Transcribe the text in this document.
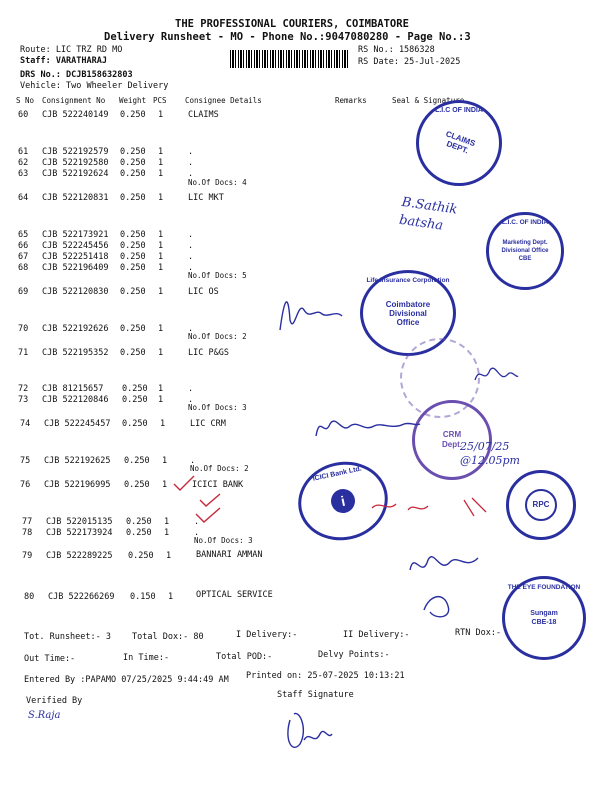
THE PROFESSIONAL COURIERS, COIMBATORE
Delivery Runsheet - MO - Phone No.:9047080280 - Page No.:3
Route: LIC TRZ RD MO
Staff: VARATHARAJ
DRS No.: DCJB158632803
Vehicle: Two Wheeler Delivery
RS No.: 1586328
RS Date: 25-Jul-2025
S No Consignment No Weight PCS Consignee Details	Remarks	Seal & Signature
60 CJB 522240149 0.250 1	CLAIMS
61 CJB 522192579 0.250 1	.
62 CJB 522192580 0.250 1	.
63 CJB 522192624 0.250 1	.
No.Of Docs: 4
64 CJB 522120831 0.250 1	LIC MKT
65 CJB 522173921 0.250 1	.
66 CJB 522245456 0.250 1	.
67 CJB 522251418 0.250 1	.
68 CJB 522196409 0.250 1	.
No.Of Docs: 5
69 CJB 522120830 0.250 1	LIC OS
70 CJB 522192626 0.250 1	.
No.Of Docs: 2
71 CJB 522195352 0.250 1	LIC P&GS
72 CJB 81215657 0.250 1	.
73 CJB 522120846 0.250 1	.
No.Of Docs: 3
74 CJB 522245457 0.250 1	LIC CRM
75 CJB 522192625 0.250 1	.
No.Of Docs: 2
76 CJB 522196995 0.250 1	ICICI BANK
77 CJB 522015135 0.250 1	.
78 CJB 522173924 0.250 1	.
No.Of Docs: 3
79 CJB 522289225 0.250 1	BANNARI AMMAN
80 CJB 522266269 0.150 1	OPTICAL SERVICE
Tot. Runsheet:- 3 Total Dox:- 80	I Delivery:-	II Delivery:-	RTN Dox:-
Out Time:-	In Time:-	Total POD:-	Delvy Points:-
Entered By :PAPAMO 07/25/2025 9:44:49 AM Printed on: 25-07-2025 10:13:21
Verified By
Staff Signature
L.I.C OF INDIA
CLAIMS DEPT.
L.I.C. OF INDIA
Marketing Dept. Divisional Office CBE
Life Insurance Corporation
Coimbatore Divisional Office
CRM Dept.
ICICI Bank Ltd.
i	RPC
THE EYE FOUNDATION
Sungam CBE-18
B.Sathik batsha
25/07/25 @12.05pm
S.Raja
